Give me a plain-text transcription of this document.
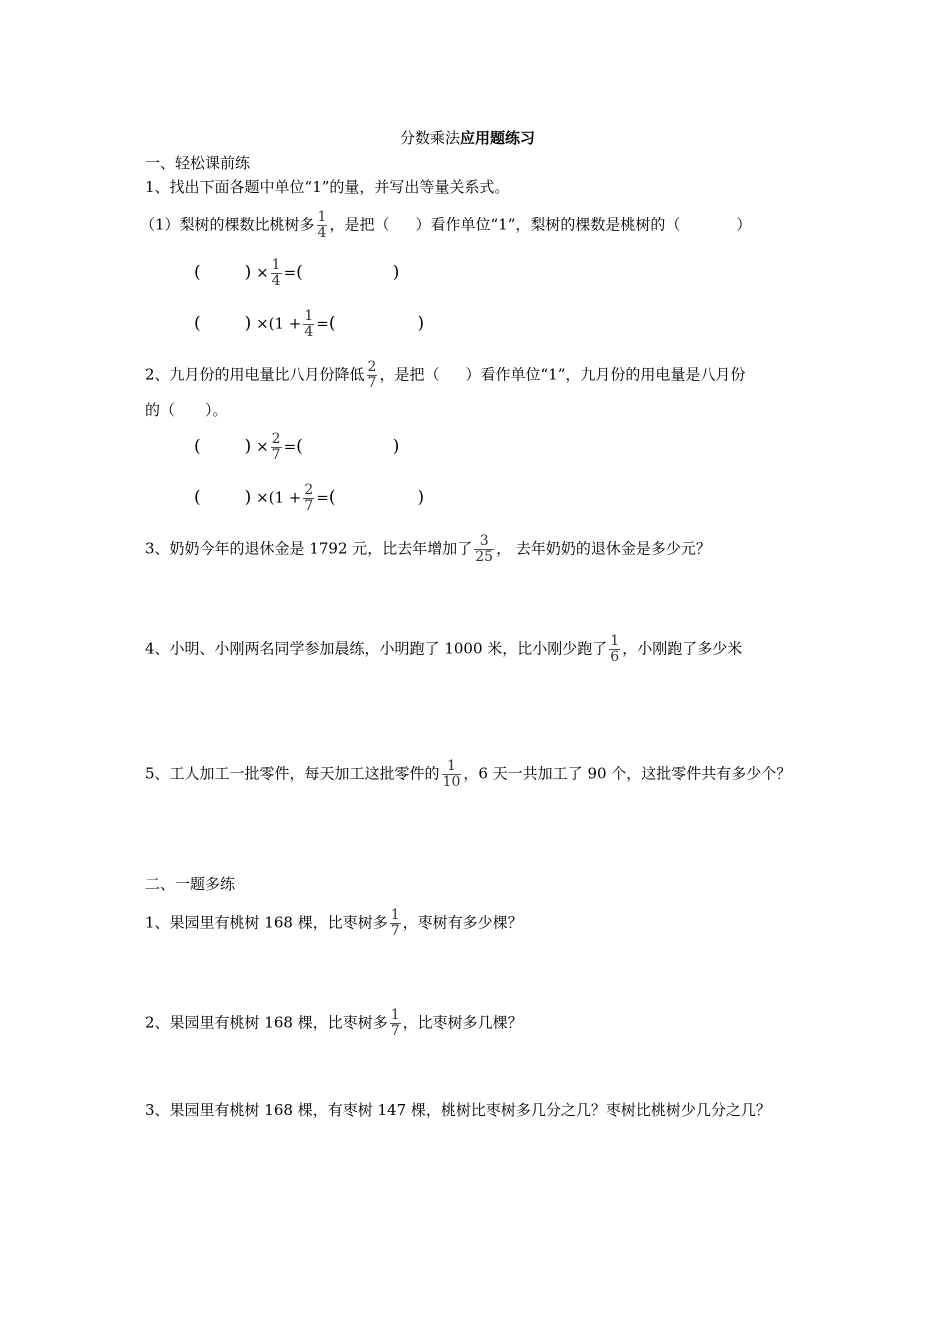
分数乘法应用题练习
一、轻松课前练
1、找出下面各题中单位“1”的量，并写出等量关系式。
（1）梨树的棵数比桃树多 $\frac{1}{4}$ ，是把（ ）看作单位“1”，梨树的棵数是桃树的（	）
(	) × $\frac{1}{4}$ =(	)
(	) $\times(1 + \frac{1}{4}$ =(	)
2、九月份的用电量比八月份降低 $\frac{2}{7}$ ，是把（ ）看作单位“1”，九月份的用电量是八月份
的（　　）。
(	) × $\frac{2}{7}$ =(	)
(	) $\times(1 + \frac{2}{7}$ =(	)
3、奶奶今年的退休金是 1792 元，比去年增加了 $\frac{3}{25}$ ， 去年奶奶的退休金是多少元？
4、小明、小刚两名同学参加晨练，小明跑了 1000 米，比小刚少跑了 $\frac{1}{6}$ ，小刚跑了多少米
5、工人加工一批零件，每天加工这批零件的 $\frac{1}{10}$ ，6 天一共加工了 90 个，这批零件共有多少个？
二、一题多练
1、果园里有桃树 168 棵，比枣树多 $\frac{1}{7}$ ，枣树有多少棵？
2、果园里有桃树 168 棵，比枣树多 $\frac{1}{7}$ ，比枣树多几棵？
3、果园里有桃树 168 棵，有枣树 147 棵，桃树比枣树多几分之几？枣树比桃树少几分之几？
